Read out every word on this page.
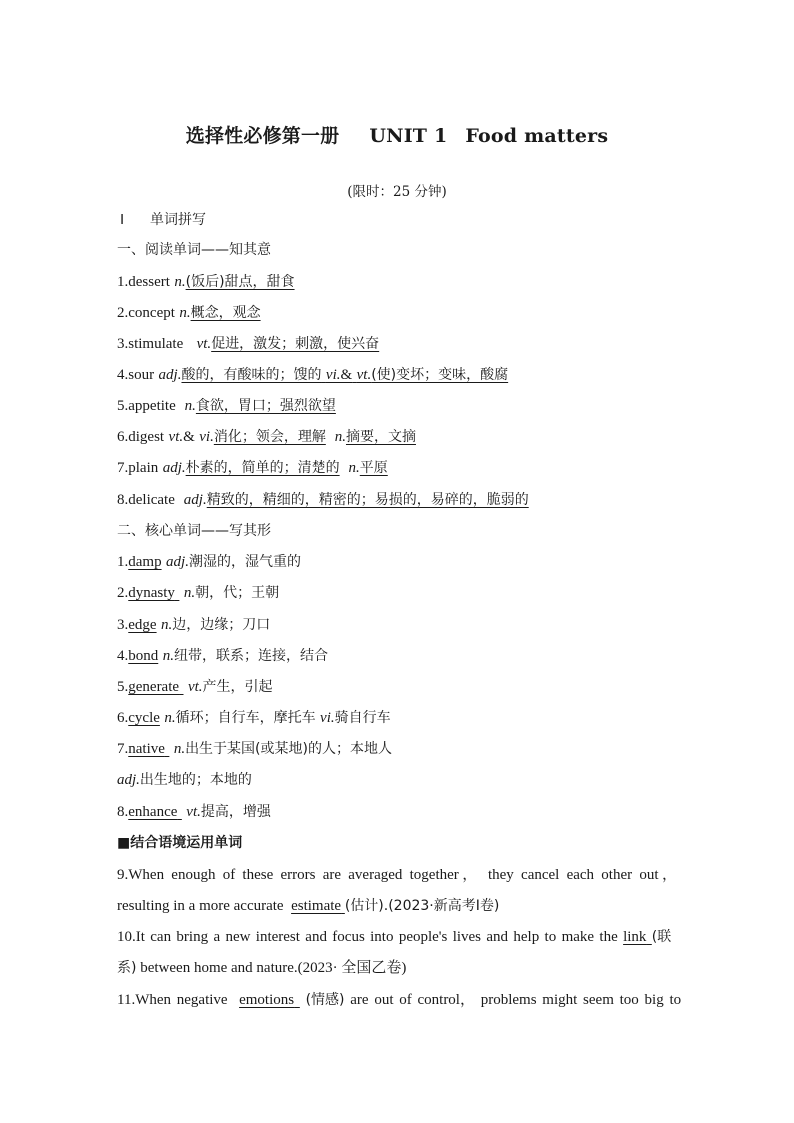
选择性必修第一册 UNIT 1 Food matters
(限时：25 分钟)
Ⅰ 单词拼写
一、阅读单词——知其意
1.dessert n.(饭后)甜点，甜食
2.concept n.概念，观念
3.stimulate vt.促进，激发；刺激，使兴奋
4.sour adj.酸的，有酸味的；馊的 vi.& vt.(使)变坏；变味，酸腐
5.appetite n.食欲，胃口；强烈欲望
6.digest vt.& vi.消化；领会，理解 n.摘要，文摘
7.plain adj.朴素的，简单的；清楚的 n.平原
8.delicate adj.精致的，精细的，精密的；易损的，易碎的，脆弱的
二、核心单词——写其形
1.damp adj.潮湿的，湿气重的
2.dynasty n.朝，代；王朝
3.edge n.边，边缘；刀口
4.bond n.纽带，联系；连接，结合
5.generate vt.产生，引起
6.cycle n.循环；自行车，摩托车 vi.骑自行车
7.native n.出生于某国(或某地)的人；本地人
adj.出生地的；本地的
8.enhance vt.提高，增强
■结合语境运用单词
9.When enough of these errors are averaged together， they cancel each other out，
resulting in a more accurate estimate (估计).(2023·新高考Ⅰ卷)
10.It can bring a new interest and focus into people's lives and help to make the link (联
系) between home and nature.(2023· 全国乙卷)
11.When negative emotions (情感) are out of control， problems might seem too big to
